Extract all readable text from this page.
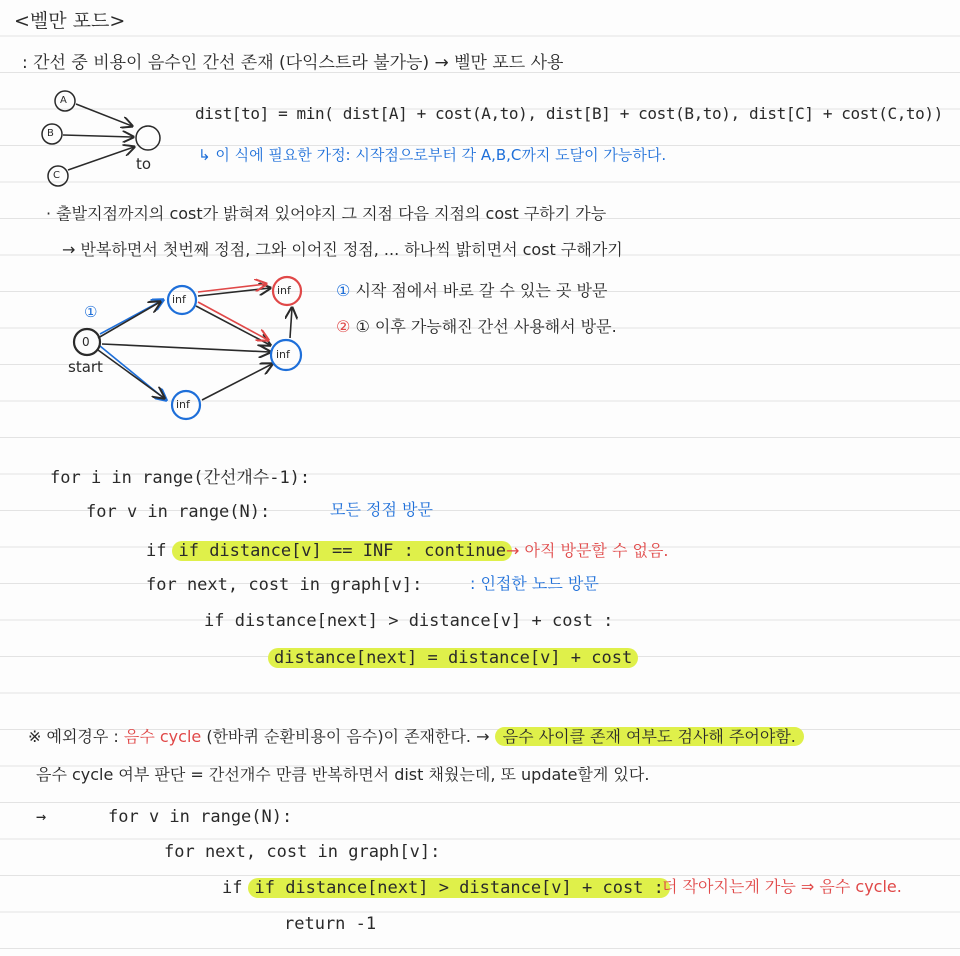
<벨만 포드>
: 간선 중 비용이 음수인 간선 존재 (다익스트라 불가능) → 벨만 포드 사용
A
B
C
to
dist[to] = min( dist[A] + cost(A,to), dist[B] + cost(B,to), dist[C] + cost(C,to))
↳ 이 식에 필요한 가정: 시작점으로부터 각 A,B,C까지 도달이 가능하다.
· 출발지점까지의 cost가 밝혀져 있어야지 그 지점 다음 지점의 cost 구하기 가능
→ 반복하면서 첫번째 정점, 그와 이어진 정점, ... 하나씩 밝히면서 cost 구해가기
①
0
start
inf
inf
inf
inf
① 시작 점에서 바로 갈 수 있는 곳 방문
② ① 이후 가능해진 간선 사용해서 방문.
for i in range(간선개수-1):
for v in range(N):	모든 정점 방문
if if distance[v] == INF : continue → 아직 방문할 수 없음.
for next, cost in graph[v]:	: 인접한 노드 방문
if distance[next] > distance[v] + cost :
distance[next] = distance[v] + cost
※ 예외경우 : 음수 cycle (한바퀴 순환비용이 음수)이 존재한다. → 음수 사이클 존재 여부도 검사해 주어야함.
음수 cycle 여부 판단 = 간선개수 만큼 반복하면서 dist 채웠는데, 또 update할게 있다.
→	for v in range(N):
for next, cost in graph[v]:
if if distance[next] > distance[v] + cost :
더 작아지는게 가능 ⇒ 음수 cycle.
return -1
